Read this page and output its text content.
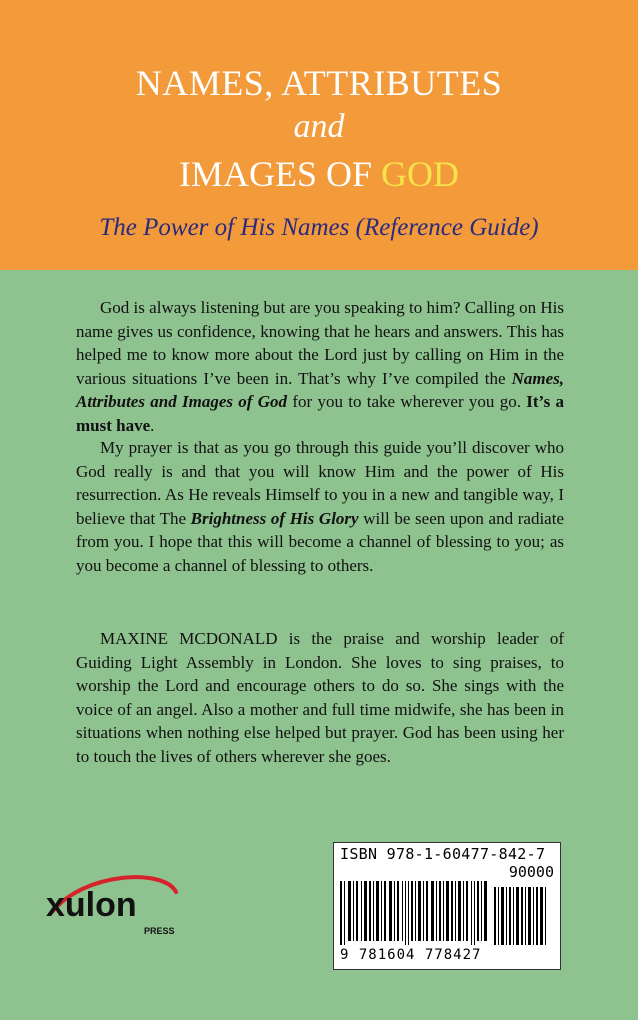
NAMES, ATTRIBUTES
and
IMAGES OF GOD
The Power of His Names (Reference Guide)

God is always listening but are you speaking to him? Calling on His name gives us confidence, knowing that he hears and answers. This has helped me to know more about the Lord just by calling on Him in the various situations I’ve been in. That’s why I’ve compiled the Names, Attributes and Images of God for you to take wherever you go. It’s a must have.

My prayer is that as you go through this guide you’ll discover who God really is and that you will know Him and the power of His resurrection. As He reveals Himself to you in a new and tangible way, I believe that The Brightness of His Glory will be seen upon and radiate from you. I hope that this will become a channel of blessing to you; as you become a channel of blessing to others.

MAXINE MCDONALD is the praise and worship leader of Guiding Light Assembly in London. She loves to sing praises, to worship the Lord and encourage others to do so. She sings with the voice of an angel. Also a mother and full time midwife, she has been in situations when nothing else helped but prayer. God has been using her to touch the lives of others wherever she goes.

xulon
PRESS
ISBN 978-1-60477-842-7
90000
9 781604 778427
